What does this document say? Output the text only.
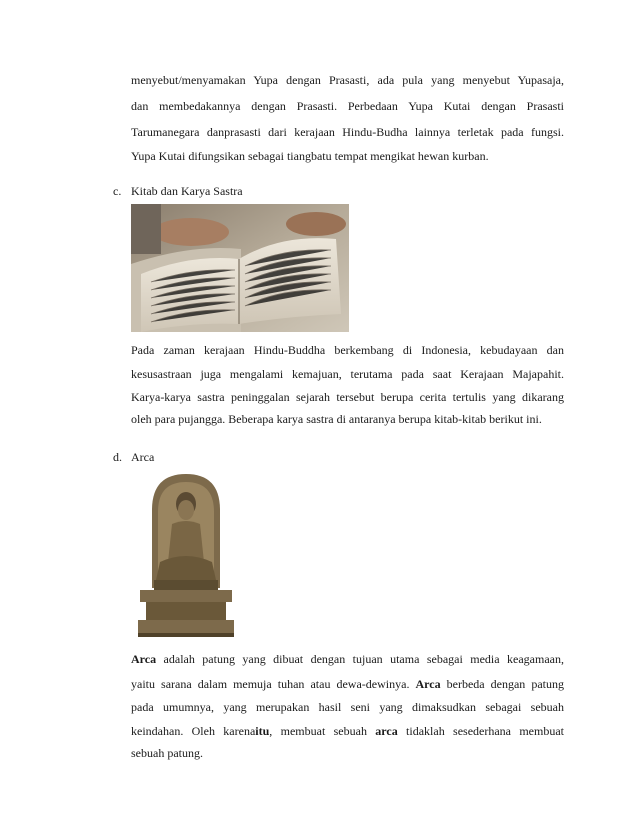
menyebut/menyamakan Yupa dengan Prasasti, ada pula yang menyebut Yupasaja,
dan membedakannya dengan Prasasti. Perbedaan Yupa Kutai dengan Prasasti
Tarumanegara danprasasti dari kerajaan Hindu-Budha lainnya terletak pada fungsi.
Yupa Kutai difungsikan sebagai tiangbatu tempat mengikat hewan kurban.
c. Kitab dan Karya Sastra
Pada zaman kerajaan Hindu-Buddha berkembang di Indonesia, kebudayaan dan
kesusastraan juga mengalami kemajuan, terutama pada saat Kerajaan Majapahit.
Karya-karya sastra peninggalan sejarah tersebut berupa cerita tertulis yang dikarang
oleh para pujangga. Beberapa karya sastra di antaranya berupa kitab-kitab berikut ini.
d. Arca
Arca adalah patung yang dibuat dengan tujuan utama sebagai media keagamaan,
yaitu sarana dalam memuja tuhan atau dewa-dewinya. Arca berbeda dengan patung
pada umumnya, yang merupakan hasil seni yang dimaksudkan sebagai sebuah
keindahan. Oleh karenaitu, membuat sebuah arca tidaklah sesederhana membuat
sebuah patung.
